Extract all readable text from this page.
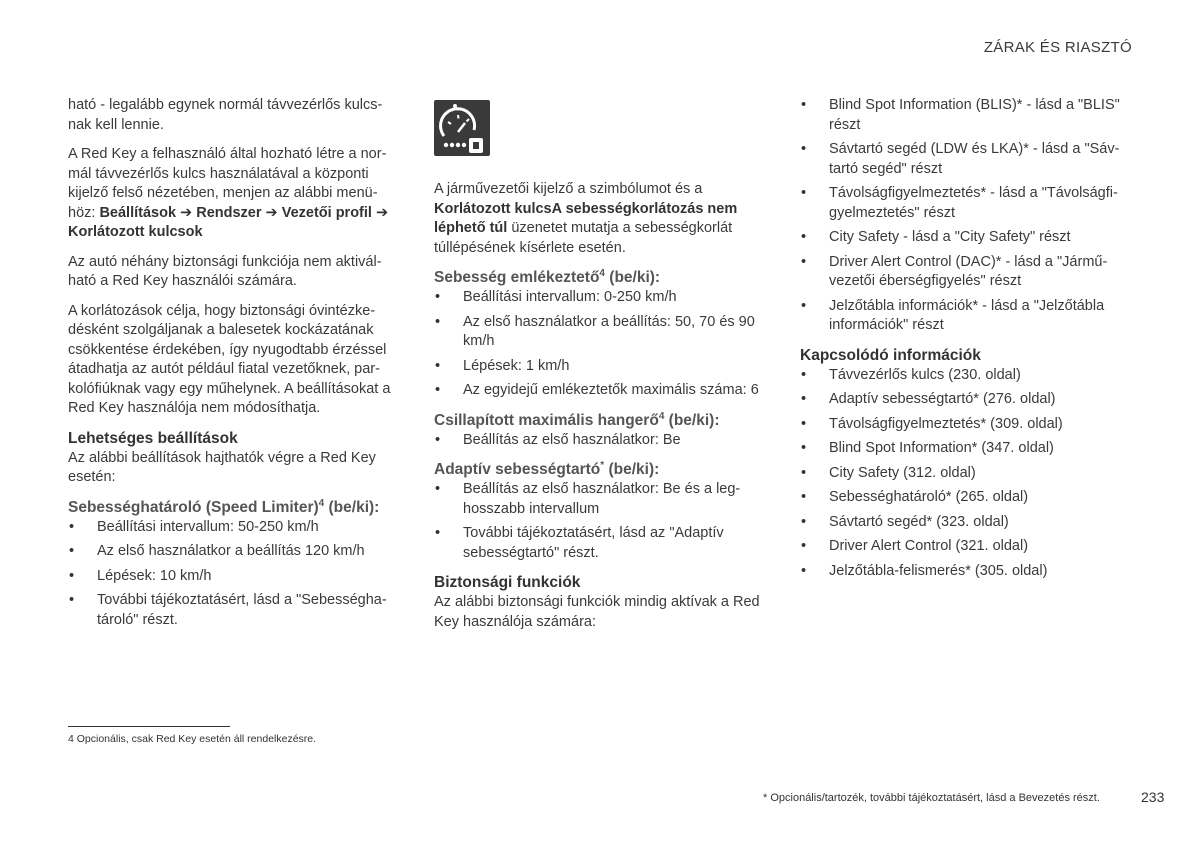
ZÁRAK ÉS RIASZTÓ

ható - legalább egynek normál távvezérlős kulcs-nak kell lennie.

A Red Key a felhasználó által hozható létre a nor-mál távvezérlős kulcs használatával a központi kijelző felső nézetében, menjen az alábbi menü-höz: Beállítások ➔ Rendszer ➔ Vezetői profil ➔ Korlátozott kulcsok

Az autó néhány biztonsági funkciója nem aktivál-ható a Red Key használói számára.

A korlátozások célja, hogy biztonsági óvintézke-désként szolgáljanak a balesetek kockázatának csökkentése érdekében, így nyugodtabb érzéssel átadhatja az autót például fiatal vezetőknek, par-kolófiúknak vagy egy műhelynek. A beállításokat a Red Key használója nem módosíthatja.

Lehetséges beállítások

Az alábbi beállítások hajthatók végre a Red Key esetén:

Sebességhatároló (Speed Limiter)$^4$ (be/ki):
• Beállítási intervallum: 50-250 km/h
• Az első használatkor a beállítás 120 km/h
• Lépések: 10 km/h
• További tájékoztatásért, lásd a "Sebességha-tároló" részt.

A járművezetői kijelző a szimbólumot és a Korlátozott kulcsA sebességkorlátozás nem léphető túl üzenetet mutatja a sebességkorlát túllépésének kísérlete esetén.

Sebesség emlékeztető$^4$ (be/ki):
• Beállítási intervallum: 0-250 km/h
• Az első használatkor a beállítás: 50, 70 és 90 km/h
• Lépések: 1 km/h
• Az egyidejű emlékeztetők maximális száma: 6
Csillapított maximális hangerő$^4$ (be/ki):
• Beállítás az első használatkor: Be
Adaptív sebességtartó* (be/ki):
• Beállítás az első használatkor: Be és a leg-hosszabb intervallum
• További tájékoztatásért, lásd az "Adaptív sebességtartó" részt.
Biztonsági funkciók

Az alábbi biztonsági funkciók mindig aktívak a Red Key használója számára:

• Blind Spot Information (BLIS)* - lásd a "BLIS" részt
• Sávtartó segéd (LDW és LKA)* - lásd a "Sáv-tartó segéd" részt
• Távolságfigyelmeztetés* - lásd a "Távolságfi-gyelmeztetés" részt
• City Safety - lásd a "City Safety" részt
• Driver Alert Control (DAC)* - lásd a "Jármű-vezetői éberségfigyelés" részt
• Jelzőtábla információk* - lásd a "Jelzőtábla információk" részt
Kapcsolódó információk
• Távvezérlős kulcs (230. oldal)
• Adaptív sebességtartó* (276. oldal)
• Távolságfigyelmeztetés* (309. oldal)
• Blind Spot Information* (347. oldal)
• City Safety (312. oldal)
• Sebességhatároló* (265. oldal)
• Sávtartó segéd* (323. oldal)
• Driver Alert Control (321. oldal)
• Jelzőtábla-felismerés* (305. oldal)
4 Opcionális, csak Red Key esetén áll rendelkezésre.
* Opcionális/tartozék, további tájékoztatásért, lásd a Bevezetés részt.	233
